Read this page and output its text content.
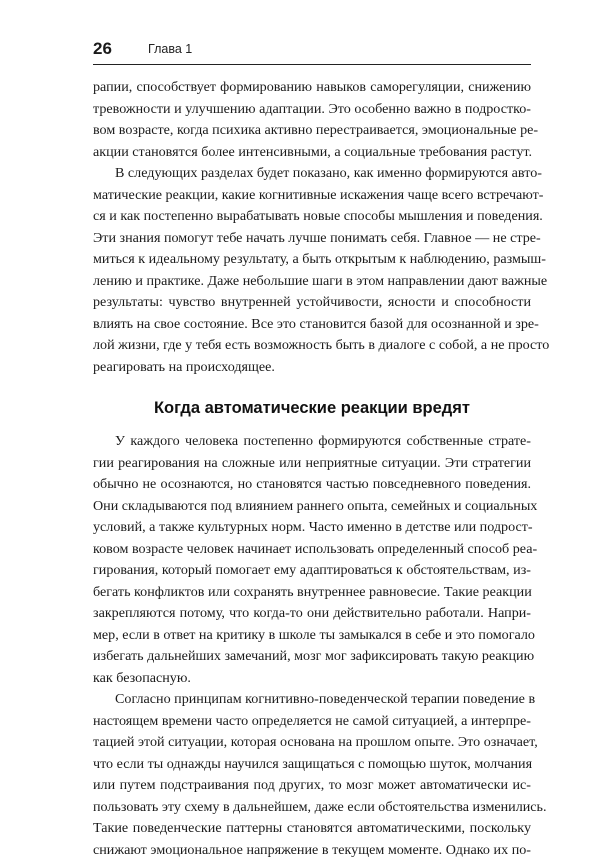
26	Глава 1
рапии, способствует формированию навыков саморегуляции, снижению
тревожности и улучшению адаптации. Это особенно важно в подростко-
вом возрасте, когда психика активно перестраивается, эмоциональные ре-
акции становятся более интенсивными, а социальные требования растут.
В следующих разделах будет показано, как именно формируются авто-
матические реакции, какие когнитивные искажения чаще всего встречают-
ся и как постепенно вырабатывать новые способы мышления и поведения.
Эти знания помогут тебе начать лучше понимать себя. Главное — не стре-
миться к идеальному результату, а быть открытым к наблюдению, размыш-
лению и практике. Даже небольшие шаги в этом направлении дают важные
результаты: чувство внутренней устойчивости, ясности и способности
влиять на свое состояние. Все это становится базой для осознанной и зре-
лой жизни, где у тебя есть возможность быть в диалоге с собой, а не просто
реагировать на происходящее.
Когда автоматические реакции вредят
У каждого человека постепенно формируются собственные страте-
гии реагирования на сложные или неприятные ситуации. Эти стратегии
обычно не осознаются, но становятся частью повседневного поведения.
Они складываются под влиянием раннего опыта, семейных и социальных
условий, а также культурных норм. Часто именно в детстве или подрост-
ковом возрасте человек начинает использовать определенный способ реа-
гирования, который помогает ему адаптироваться к обстоятельствам, из-
бегать конфликтов или сохранять внутреннее равновесие. Такие реакции
закрепляются потому, что когда-то они действительно работали. Напри-
мер, если в ответ на критику в школе ты замыкался в себе и это помогало
избегать дальнейших замечаний, мозг мог зафиксировать такую реакцию
как безопасную.
Согласно принципам когнитивно-поведенческой терапии поведение в
настоящем времени часто определяется не самой ситуацией, а интерпре-
тацией этой ситуации, которая основана на прошлом опыте. Это означает,
что если ты однажды научился защищаться с помощью шуток, молчания
или путем подстраивания под других, то мозг может автоматически ис-
пользовать эту схему в дальнейшем, даже если обстоятельства изменились.
Такие поведенческие паттерны становятся автоматическими, поскольку
снижают эмоциональное напряжение в текущем моменте. Однако их по-
